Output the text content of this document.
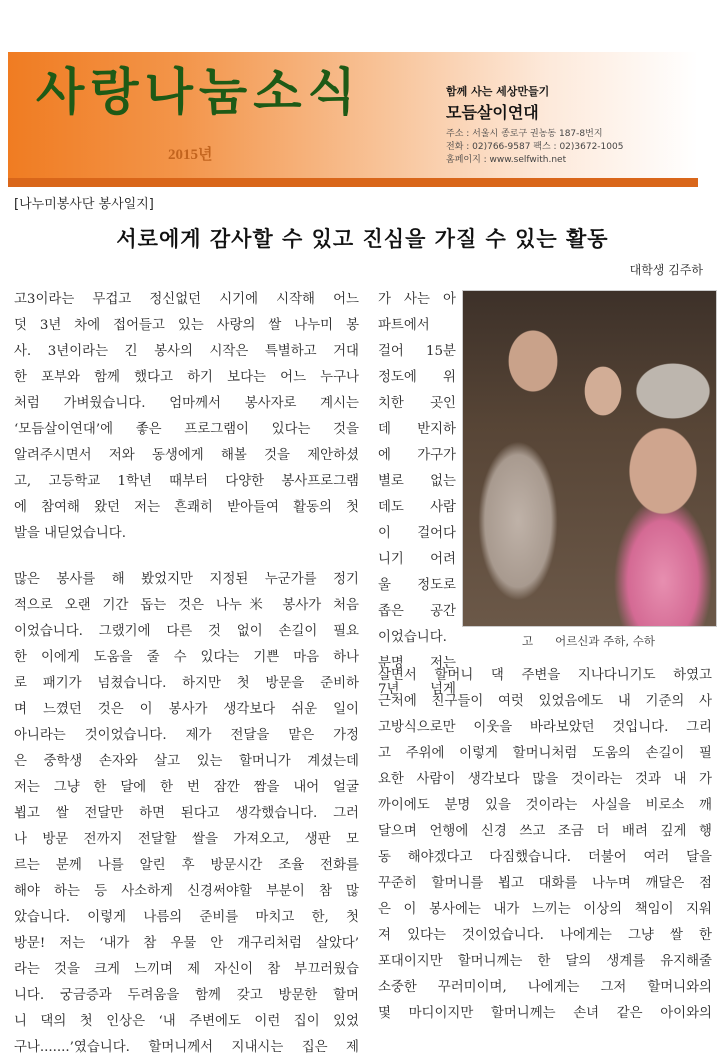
사랑나눔소식
2015년
함께 사는 세상만들기
모듬살이연대
주소 : 서울시 종로구 권농동 187-8번지
전화 : 02)766-9587 팩스 : 02)3672-1005
홈페이지 : www.selfwith.net
[나누미봉사단 봉사일지]
서로에게 감사할 수 있고 진심을 가질 수 있는 활동
대학생 김주하
고3이라는 무겁고 정신없던 시기에 시작해 어느
덧 3년 차에 접어들고 있는 사랑의 쌀 나누미 봉
사. 3년이라는 긴 봉사의 시작은 특별하고 거대
한 포부와 함께 했다고 하기 보다는 어느 누구나
처럼 가벼웠습니다. 엄마께서 봉사자로 계시는
‘모듬살이연대’에 좋은 프로그램이 있다는 것을
알려주시면서 저와 동생에게 해볼 것을 제안하셨
고, 고등학교 1학년 때부터 다양한 봉사프로그램
에 참여해 왔던 저는 흔쾌히 받아들여 활동의 첫
발을 내딛었습니다.
많은 봉사를 해 봤었지만 지정된 누군가를 정기
적으로 오랜 기간 돕는 것은 나누米 봉사가 처음
이었습니다. 그랬기에 다른 것 없이 손길이 필요
한 이에게 도움을 줄 수 있다는 기쁜 마음 하나
로 패기가 넘쳤습니다. 하지만 첫 방문을 준비하
며 느꼈던 것은 이 봉사가 생각보다 쉬운 일이
아니라는 것이었습니다. 제가 전달을 맡은 가정
은 중학생 손자와 살고 있는 할머니가 계셨는데
저는 그냥 한 달에 한 번 잠깐 짬을 내어 얼굴
뵙고 쌀 전달만 하면 된다고 생각했습니다. 그러
나 방문 전까지 전달할 쌀을 가져오고, 생판 모
르는 분께 나를 알린 후 방문시간 조율 전화를
해야 하는 등 사소하게 신경써야할 부분이 참 많
았습니다. 이렇게 나름의 준비를 마치고 한, 첫
방문! 저는 ‘내가 참 우물 안 개구리처럼 살았다’
라는 것을 크게 느끼며 제 자신이 참 부끄러웠습
니다. 궁금증과 두려움을 함께 갖고 방문한 할머
니 댁의 첫 인상은 ‘내 주변에도 이런 집이 있었
구나.......’였습니다. 할머니께서 지내시는 집은 제
가 사는 아
파트에서
걸어 15분
정도에 위
치한 곳인
데 반지하
에 가구가
별로 없는
데도 사람
이 걸어다
니기 어려
울 정도로
좁은 공간
이었습니다.
분명 저는
7년 넘게
고      어르신과 주하, 수하
살면서 할머니 댁 주변을 지나다니기도 하였고
근처에 친구들이 여럿 있었음에도 내 기준의 사
고방식으로만 이웃을 바라보았던 것입니다. 그리
고 주위에 이렇게 할머니처럼 도움의 손길이 필
요한 사람이 생각보다 많을 것이라는 것과 내 가
까이에도 분명 있을 것이라는 사실을 비로소 깨
달으며 언행에 신경 쓰고 조금 더 배려 깊게 행
동 해야겠다고 다짐했습니다. 더불어 여러 달을
꾸준히 할머니를 뵙고 대화를 나누며 깨달은 점
은 이 봉사에는 내가 느끼는 이상의 책임이 지워
져 있다는 것이었습니다. 나에게는 그냥 쌀 한
포대이지만 할머니께는 한 달의 생계를 유지해줄
소중한 꾸러미이며, 나에게는 그저 할머니와의
몇 마디이지만 할머니께는 손녀 같은 아이와의
